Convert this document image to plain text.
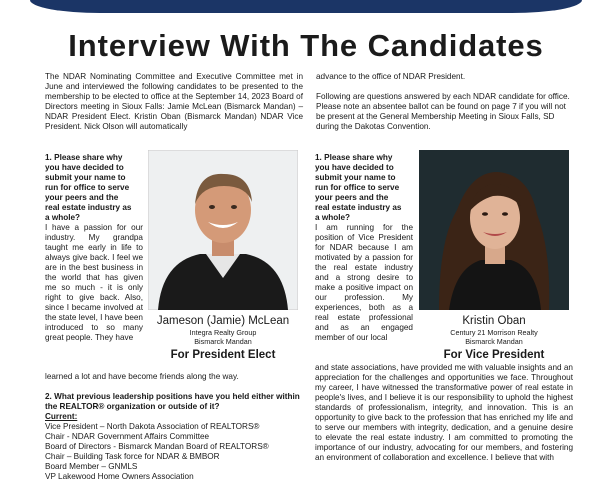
Interview With The Candidates

The NDAR Nominating Committee and Executive Committee met in June and interviewed the following candidates to be presented to the membership to be elected to office at the September 14, 2023 Board of Directors meeting in Sioux Falls: Jamie McLean (Bismarck Mandan) – NDAR President Elect. Kristin Oban (Bismarck Mandan) NDAR Vice President. Nick Olson will automatically

advance to the office of NDAR President.

Following are questions answered by each NDAR candidate for office. Please note an absentee ballot can be found on page 7 if you will not be present at the General Membership Meeting in Sioux Falls, SD during the Dakotas Convention.

1. Please share why
you have decided to
submit your name to
run for office to serve
your peers and the
real estate industry as
a whole?

I have a passion for our industry. My grandpa taught me early in life to always give back. I feel we are in the best business in the world that has given me so much - it is only right to give back. Also, since I became involved at the state level, I have been introduced to so many great people. They have

learned a lot and have become friends along the way.

2. What previous leadership positions have you held either within the REALTOR® organization or outside of it?

Current:
Vice President – North Dakota Association of REALTORS®
Chair - NDAR Government Affairs Committee
Board of Directors - Bismarck Mandan Board of REALTORS®
Chair – Building Task force for NDAR & BMBOR
Board Member – GNMLS
VP Lakewood Home Owners Association
Jameson (Jamie) McLean
Integra Realty Group
Bismarck Mandan
For President Elect
1. Please share why
you have decided to
submit your name to
run for office to serve
your peers and the
real estate industry as
a whole?

I am running for the position of Vice President for NDAR because I am motivated by a passion for the real estate industry and a strong desire to make a positive impact on our profession. My experiences, both as a real estate professional and as an engaged member of our local

and state associations, have provided me with valuable insights and an appreciation for the challenges and opportunities we face. Throughout my career, I have witnessed the transformative power of real estate in people's lives, and I believe it is our responsibility to uphold the highest standards of professionalism, integrity, and innovation. This is an opportunity to give back to the profession that has enriched my life and to serve our members with integrity, dedication, and a genuine desire to elevate the real estate industry. I am committed to promoting the importance of our industry, advocating for our members, and fostering an environment of collaboration and excellence. I believe that with

Kristin Oban
Century 21 Morrison Realty
Bismarck Mandan
For Vice President
